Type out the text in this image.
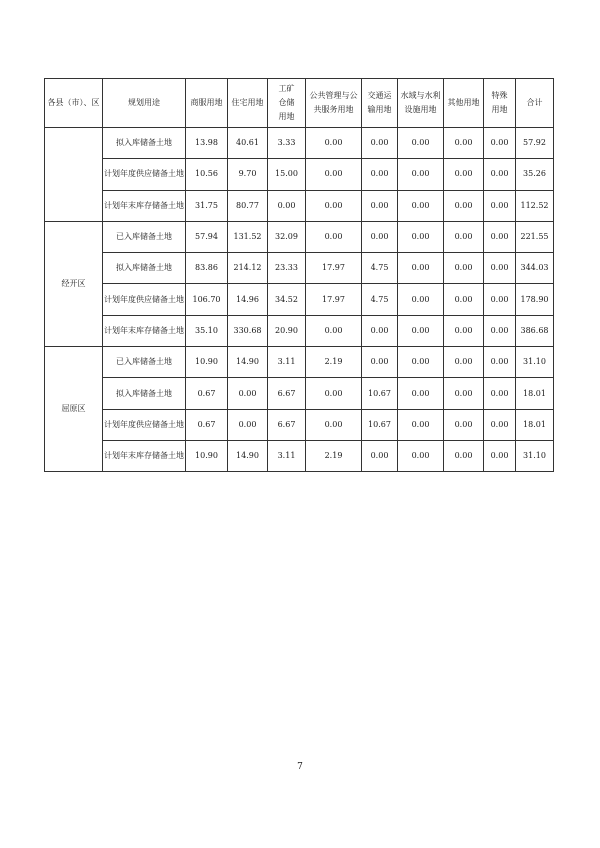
各县（市）、区	规划用途	商服用地	住宅用地	工矿仓储用地	公共管理与公共服务用地	交通运输用地	水域与水利设施用地	其他用地	特殊用地	合计
	拟入库储备土地	13.98	40.61	3.33	0.00	0.00	0.00	0.00	0.00	57.92
	计划年度供应储备土地	10.56	9.70	15.00	0.00	0.00	0.00	0.00	0.00	35.26
	计划年末库存储备土地	31.75	80.77	0.00	0.00	0.00	0.00	0.00	0.00	112.52
经开区	已入库储备土地	57.94	131.52	32.09	0.00	0.00	0.00	0.00	0.00	221.55
	拟入库储备土地	83.86	214.12	23.33	17.97	4.75	0.00	0.00	0.00	344.03
	计划年度供应储备土地	106.70	14.96	34.52	17.97	4.75	0.00	0.00	0.00	178.90
	计划年末库存储备土地	35.10	330.68	20.90	0.00	0.00	0.00	0.00	0.00	386.68
屈原区	已入库储备土地	10.90	14.90	3.11	2.19	0.00	0.00	0.00	0.00	31.10
	拟入库储备土地	0.67	0.00	6.67	0.00	10.67	0.00	0.00	0.00	18.01
	计划年度供应储备土地	0.67	0.00	6.67	0.00	10.67	0.00	0.00	0.00	18.01
	计划年末库存储备土地	10.90	14.90	3.11	2.19	0.00	0.00	0.00	0.00	31.10
7
